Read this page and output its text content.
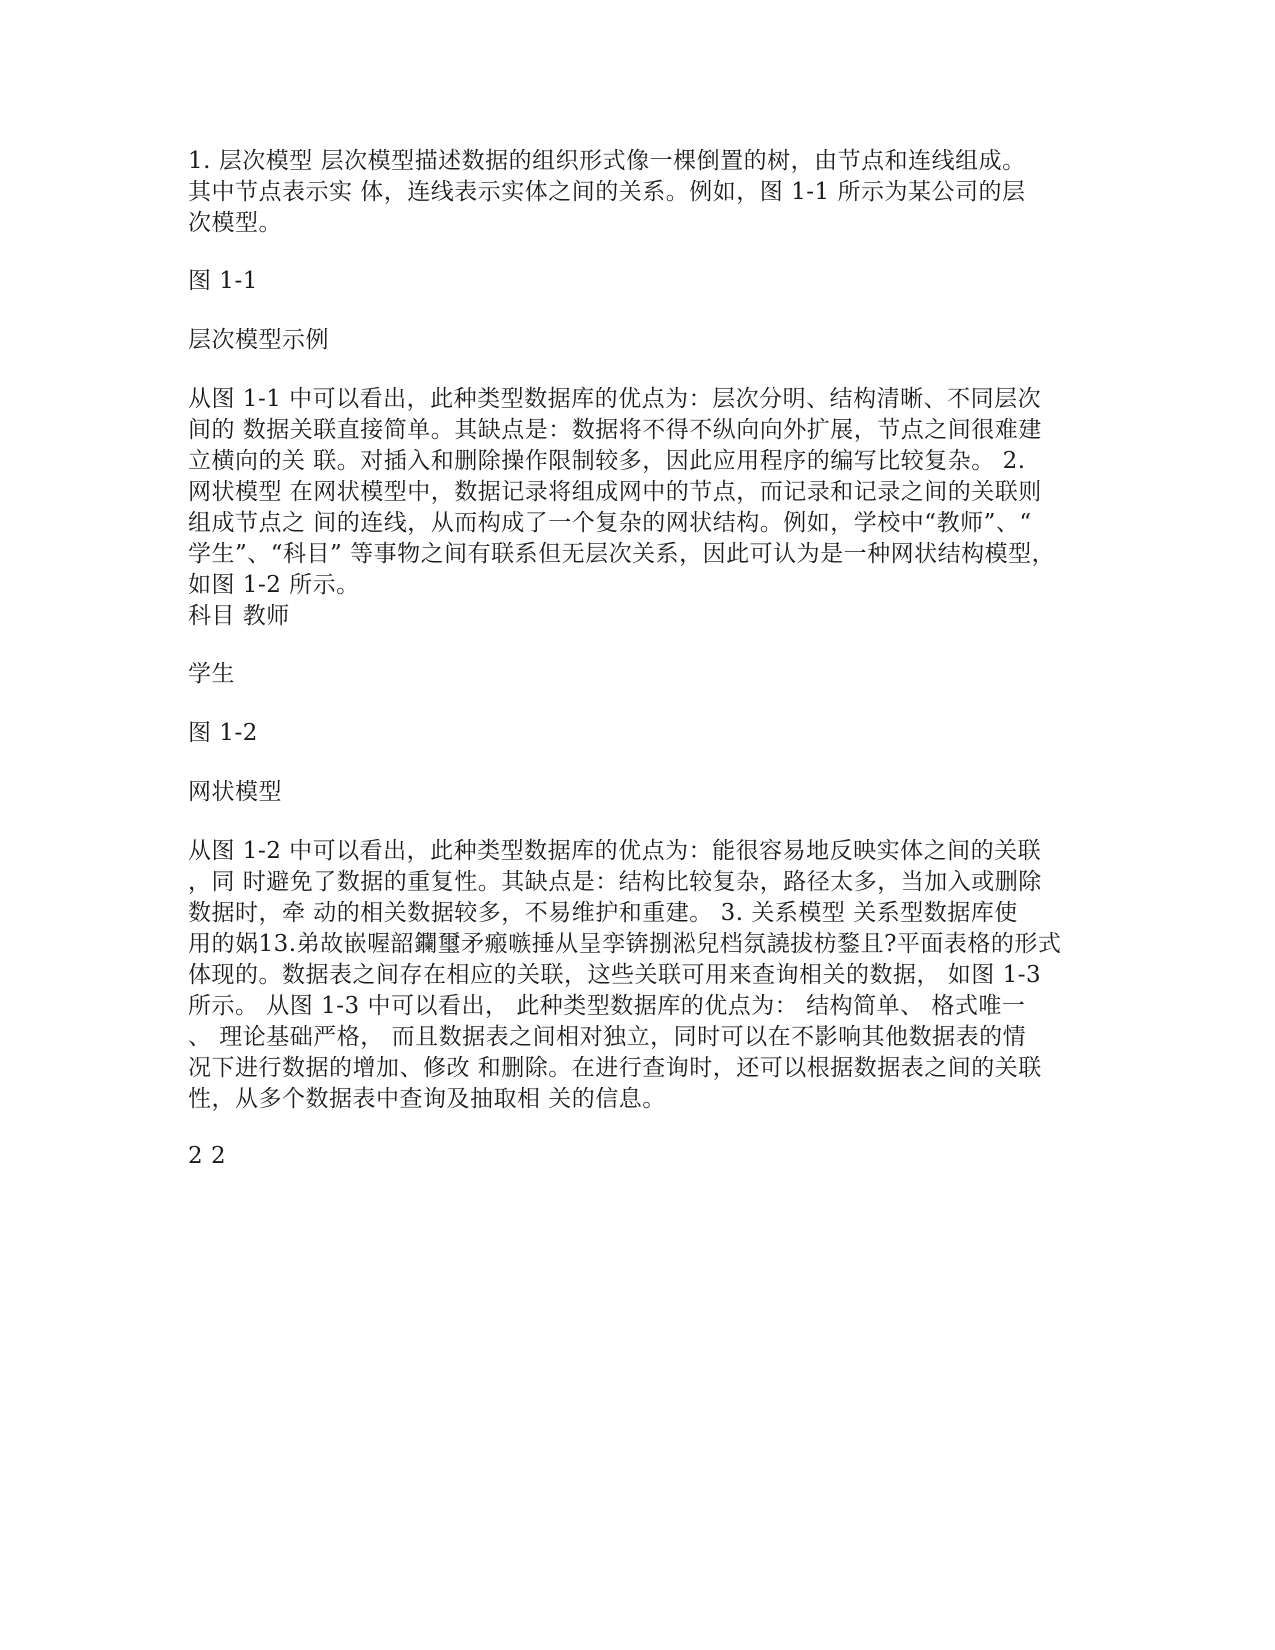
1. 层次模型 层次模型描述数据的组织形式像一棵倒置的树，由节点和连线组成。
其中节点表示实 体，连线表示实体之间的关系。例如，图 1-1 所示为某公司的层
次模型。
图 1-1
层次模型示例
从图 1-1 中可以看出，此种类型数据库的优点为：层次分明、结构清晰、不同层次
间的 数据关联直接简单。其缺点是：数据将不得不纵向向外扩展，节点之间很难建
立横向的关 联。对插入和删除操作限制较多，因此应用程序的编写比较复杂。 2.
网状模型 在网状模型中，数据记录将组成网中的节点，而记录和记录之间的关联则
组成节点之 间的连线，从而构成了一个复杂的网状结构。例如，学校中“教师”、“
学生”、“科目” 等事物之间有联系但无层次关系，因此可认为是一种网状结构模型，
如图 1-2 所示。
科目 教师
学生
图 1-2
网状模型
从图 1-2 中可以看出，此种类型数据库的优点为：能很容易地反映实体之间的关联
，同 时避免了数据的重复性。其缺点是：结构比较复杂，路径太多，当加入或删除
数据时，牵 动的相关数据较多，不易维护和重建。 3. 关系模型 关系型数据库使
用的娲13.弟故嵌喔韶鑭璽矛瘢嗾捶从呈孪锛捌淞兒档氛譊拔枋鍪且?平面表格的形式
体现的。数据表之间存在相应的关联，这些关联可用来查询相关的数据， 如图 1-3
所示。 从图 1-3 中可以看出， 此种类型数据库的优点为： 结构简单、 格式唯一
、 理论基础严格， 而且数据表之间相对独立，同时可以在不影响其他数据表的情
况下进行数据的增加、修改 和删除。在进行查询时，还可以根据数据表之间的关联
性，从多个数据表中查询及抽取相 关的信息。
2 2
